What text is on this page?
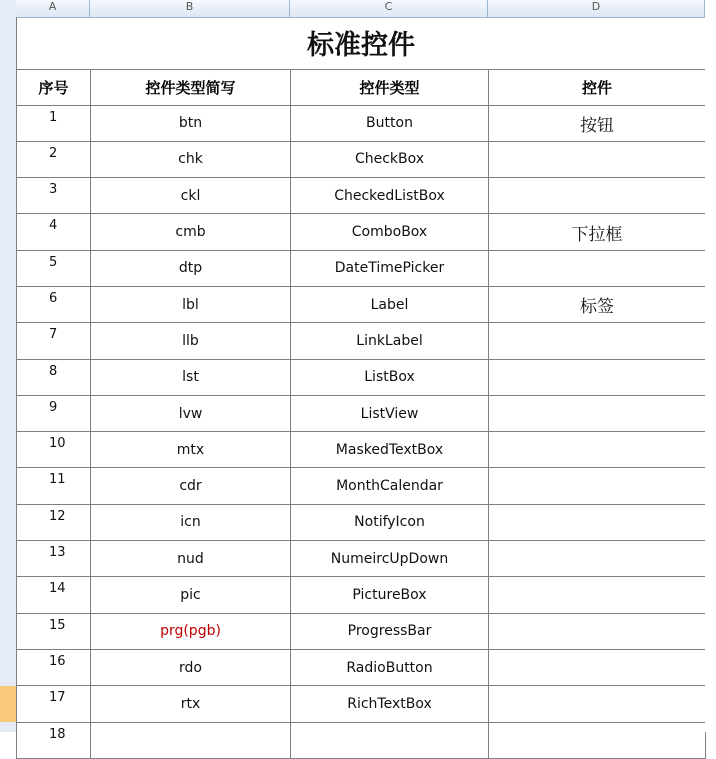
A	B	C	D
标准控件			
序号	控件类型简写	控件类型	控件
1	btn	Button	按钮
2	chk	CheckBox	
3	ckl	CheckedListBox	
4	cmb	ComboBox	下拉框
5	dtp	DateTimePicker	
6	lbl	Label	标签
7	llb	LinkLabel	
8	lst	ListBox	
9	lvw	ListView	
10	mtx	MaskedTextBox	
11	cdr	MonthCalendar	
12	icn	NotifyIcon	
13	nud	NumeircUpDown	
14	pic	PictureBox	
15	prg(pgb)	ProgressBar	
16	rdo	RadioButton	
17	rtx	RichTextBox	
18			
